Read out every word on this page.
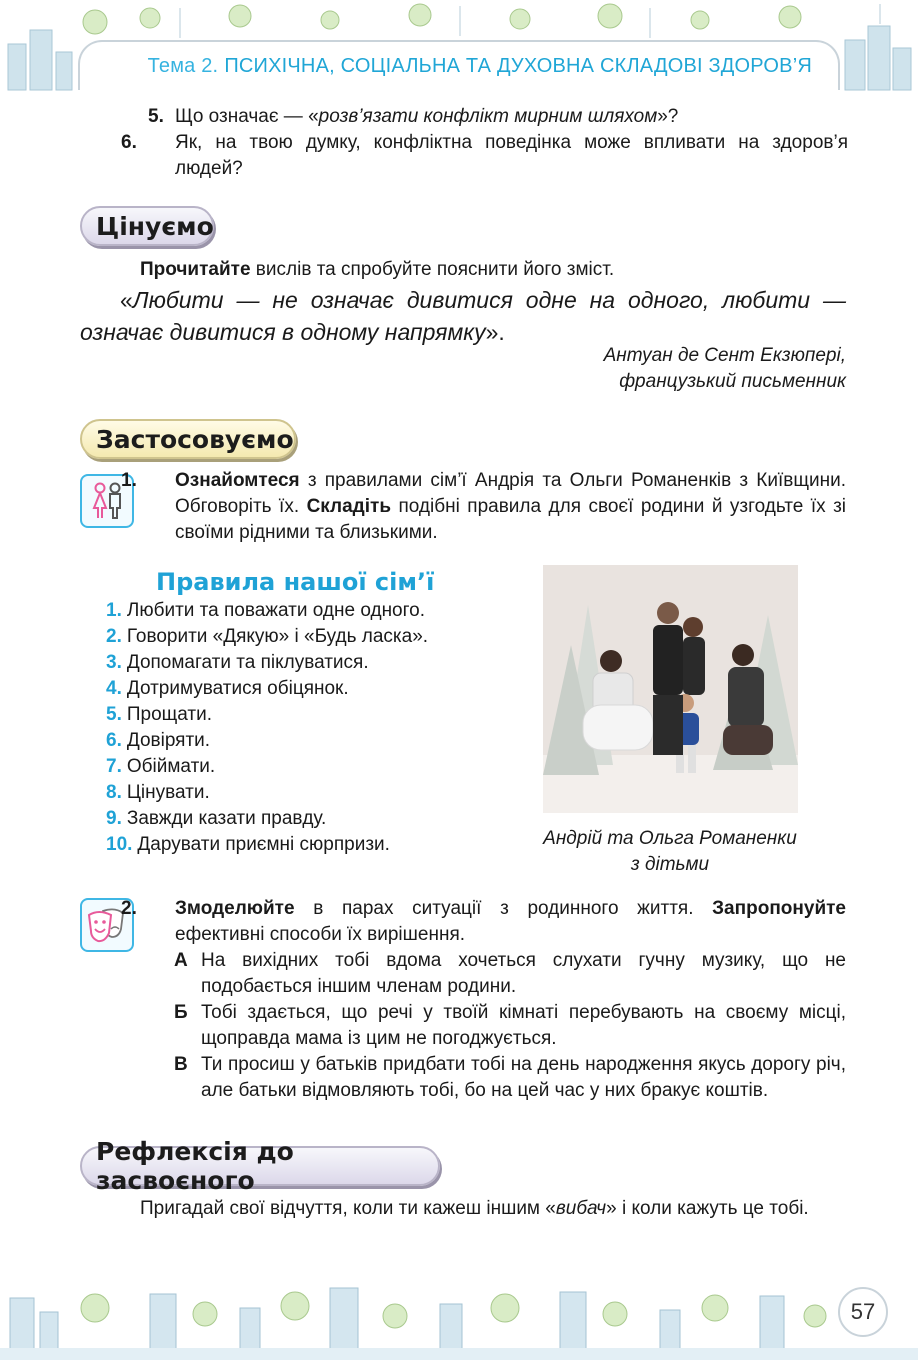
Тема 2. ПСИХІЧНА, СОЦІАЛЬНА ТА ДУХОВНА СКЛАДОВІ ЗДОРОВ’Я
5. Що означає — «розв’язати конфлікт мирним шляхом»?
6. Як, на твою думку, конфліктна поведінка може впливати на здоров’я людей?
Цінуємо
Прочитайте вислів та спробуйте пояснити його зміст.
«Любити — не означає дивитися одне на одного, любити — означає дивитися в одному напрямку».
Антуан де Сент Екзюпері,
французький письменник
Застосовуємо
1. Ознайомтеся з правилами сім’ї Андрія та Ольги Романенків з Київщини. Обговоріть їх. Складіть подібні правила для своєї родини й узгодьте їх зі своїми рідними та близькими.
Правила нашої сім’ї
1. Любити та поважати одне одного.
2. Говорити «Дякую» і «Будь ласка».
3. Допомагати та піклуватися.
4. Дотримуватися обіцянок.
5. Прощати.
6. Довіряти.
7. Обіймати.
8. Цінувати.
9. Завжди казати правду.
10. Дарувати приємні сюрпризи.	Андрій та Ольга Романенки
з дітьми
2. Змоделюйте в парах ситуації з родинного життя. Запропонуйте ефективні способи їх вирішення.
А На вихідних тобі вдома хочеться слухати гучну музику, що не подобається іншим членам родини.
Б Тобі здається, що речі у твоїй кімнаті перебувають на своєму місці, щоправда мама із цим не погоджується.
В Ти просиш у батьків придбати тобі на день народження якусь дорогу річ, але батьки відмовляють тобі, бо на цей час у них бракує коштів.
Рефлексія до засвоєного
Пригадай свої відчуття, коли ти кажеш іншим «вибач» і коли кажуть це тобі.
57
